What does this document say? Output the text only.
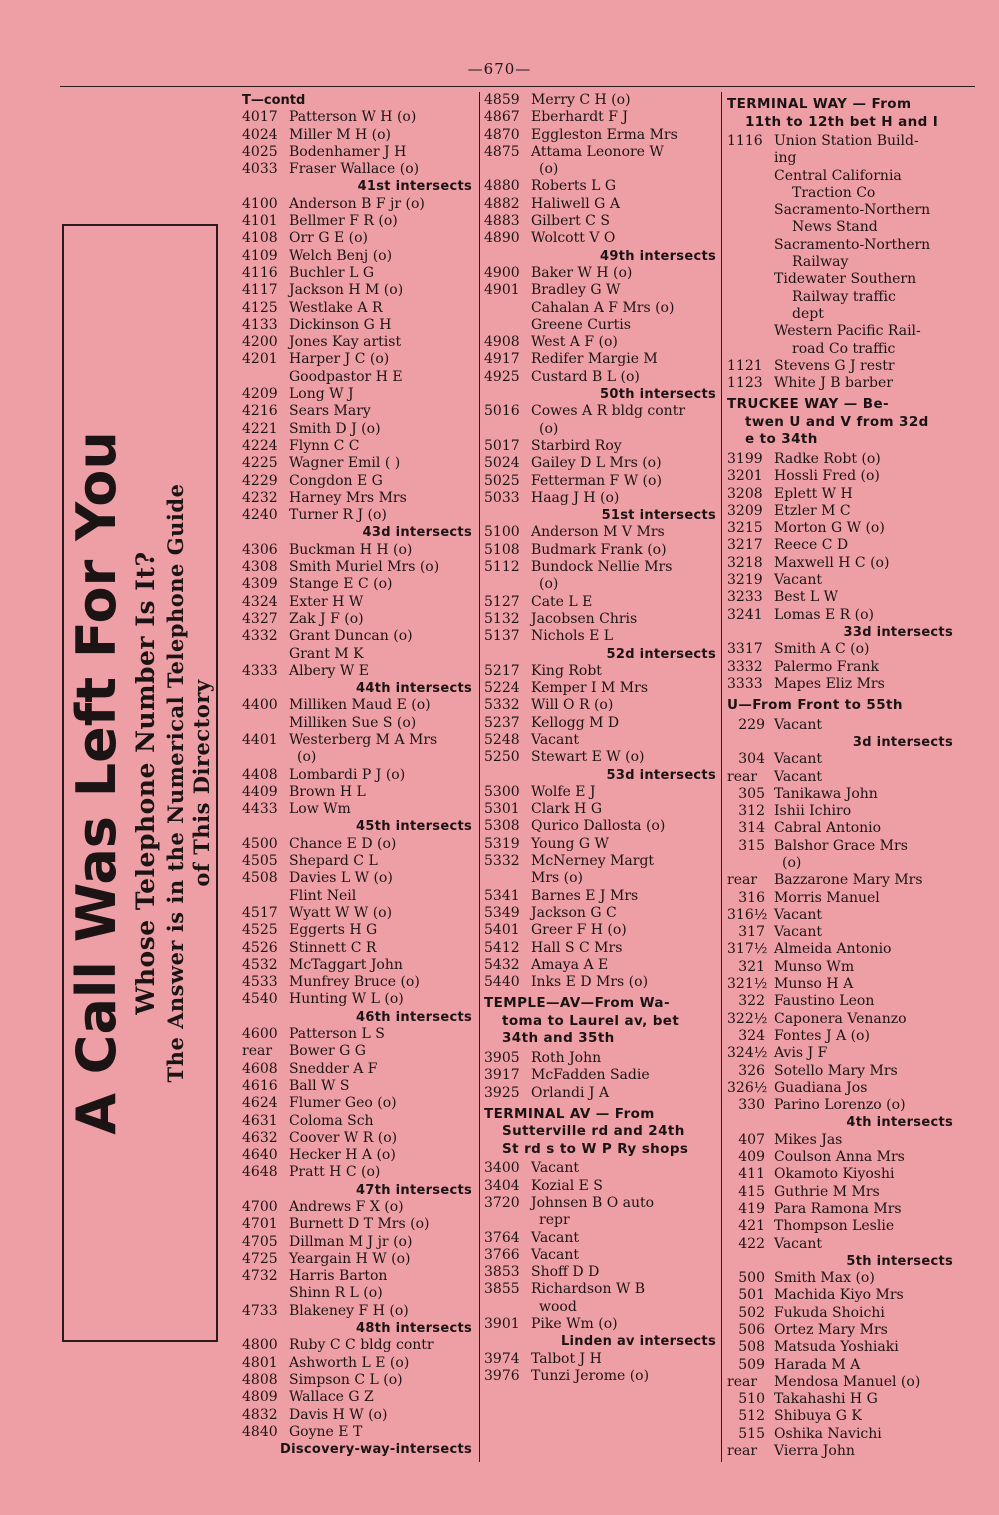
—670—
A Call Was Left For You Whose Telephone Number Is It? The Answer is in the Numerical Telephone Guide of This Directory
T—contd
4017 Patterson W H (o)
4024 Miller M H (o)
4025 Bodenhamer J H
4033 Fraser Wallace (o)
41st intersects
4100 Anderson B F jr (o)
4101 Bellmer F R (o)
4108 Orr G E (o)
4109 Welch Benj (o)
4116 Buchler L G
4117 Jackson H M (o)
4125 Westlake A R
4133 Dickinson G H
4200 Jones Kay artist
4201 Harper J C (o)
Goodpastor H E
4209 Long W J
4216 Sears Mary
4221 Smith D J (o)
4224 Flynn C C
4225 Wagner Emil ( )
4229 Congdon E G
4232 Harney Mrs Mrs
4240 Turner R J (o)
43d intersects
4306 Buckman H H (o)
4308 Smith Muriel Mrs (o)
4309 Stange E C (o)
4324 Exter H W
4327 Zak J F (o)
4332 Grant Duncan (o)
Grant M K
4333 Albery W E
44th intersects
4400 Milliken Maud E (o)
Milliken Sue S (o)
4401 Westerberg M A Mrs
(o)
4408 Lombardi P J (o)
4409 Brown H L
4433 Low Wm
45th intersects
4500 Chance E D (o)
4505 Shepard C L
4508 Davies L W (o)
Flint Neil
4517 Wyatt W W (o)
4525 Eggerts H G
4526 Stinnett C R
4532 McTaggart John
4533 Munfrey Bruce (o)
4540 Hunting W L (o)
46th intersects
4600 Patterson L S
rear	Bower G G
4608 Snedder A F
4616 Ball W S
4624 Flumer Geo (o)
4631 Coloma Sch
4632 Coover W R (o)
4640 Hecker H A (o)
4648 Pratt H C (o)
47th intersects
4700 Andrews F X (o)
4701 Burnett D T Mrs (o)
4705 Dillman M J jr (o)
4725 Yeargain H W (o)
4732 Harris Barton
Shinn R L (o)
4733 Blakeney F H (o)
48th intersects
4800 Ruby C C bldg contr
4801 Ashworth L E (o)
4808 Simpson C L (o)
4809 Wallace G Z
4832 Davis H W (o)
4840 Goyne E T
Discovery-way-intersects
4859 Merry C H (o)
4867 Eberhardt F J
4870 Eggleston Erma Mrs
4875 Attama Leonore W
(o)
4880 Roberts L G
4882 Haliwell G A
4883 Gilbert C S
4890 Wolcott V O
49th intersects
4900 Baker W H (o)
4901 Bradley G W
Cahalan A F Mrs (o)
Greene Curtis
4908 West A F (o)
4917 Redifer Margie M
4925 Custard B L (o)
50th intersects
5016 Cowes A R bldg contr
(o)
5017 Starbird Roy
5024 Gailey D L Mrs (o)
5025 Fetterman F W (o)
5033 Haag J H (o)
51st intersects
5100 Anderson M V Mrs
5108 Budmark Frank (o)
5112 Bundock Nellie Mrs
(o)
5127 Cate L E
5132 Jacobsen Chris
5137 Nichols E L
52d intersects
5217 King Robt
5224 Kemper I M Mrs
5332 Will O R (o)
5237 Kellogg M D
5248 Vacant
5250 Stewart E W (o)
53d intersects
5300 Wolfe E J
5301 Clark H G
5308 Qurico Dallosta (o)
5319 Young G W
5332 McNerney Margt
Mrs (o)
5341 Barnes E J Mrs
5349 Jackson G C
5401 Greer F H (o)
5412 Hall S C Mrs
5432 Amaya A E
5440 Inks E D Mrs (o)
TEMPLE—AV—From Wa-
toma to Laurel av, bet
34th and 35th
3905 Roth John
3917 McFadden Sadie
3925 Orlandi J A
TERMINAL AV — From
Sutterville rd and 24th
St rd s to W P Ry shops
3400 Vacant
3404 Kozial E S
3720 Johnsen B O auto
repr
3764 Vacant
3766 Vacant
3853 Shoff D D
3855 Richardson W B
wood
3901 Pike Wm (o)
Linden av intersects
3974 Talbot J H
3976 Tunzi Jerome (o)
TERMINAL WAY — From
11th to 12th bet H and I
1116 Union Station Build-
ing
Central California
Traction Co
Sacramento-Northern
News Stand
Sacramento-Northern
Railway
Tidewater Southern
Railway traffic
dept
Western Pacific Rail-
road Co traffic
1121 Stevens G J restr
1123 White J B barber
TRUCKEE WAY — Be-
twen U and V from 32d
e to 34th
3199 Radke Robt (o)
3201 Hossli Fred (o)
3208 Eplett W H
3209 Etzler M C
3215 Morton G W (o)
3217 Reece C D
3218 Maxwell H C (o)
3219 Vacant
3233 Best L W
3241 Lomas E R (o)
33d intersects
3317 Smith A C (o)
3332 Palermo Frank
3333 Mapes Eliz Mrs
U—From Front to 55th
229 Vacant
3d intersects
304 Vacant
rear	Vacant
305 Tanikawa John
312 Ishii Ichiro
314 Cabral Antonio
315 Balshor Grace Mrs
(o)
rear	Bazzarone Mary Mrs
316 Morris Manuel
316½ Vacant
317 Vacant
317½ Almeida Antonio
321 Munso Wm
321½ Munso H A
322 Faustino Leon
322½ Caponera Venanzo
324 Fontes J A (o)
324½ Avis J F
326 Sotello Mary Mrs
326½ Guadiana Jos
330 Parino Lorenzo (o)
4th intersects
407 Mikes Jas
409 Coulson Anna Mrs
411 Okamoto Kiyoshi
415 Guthrie M Mrs
419 Para Ramona Mrs
421 Thompson Leslie
422 Vacant
5th intersects
500 Smith Max (o)
501 Machida Kiyo Mrs
502 Fukuda Shoichi
506 Ortez Mary Mrs
508 Matsuda Yoshiaki
509 Harada M A
rear	Mendosa Manuel (o)
510 Takahashi H G
512 Shibuya G K
515 Oshika Navichi
rear	Vierra John
